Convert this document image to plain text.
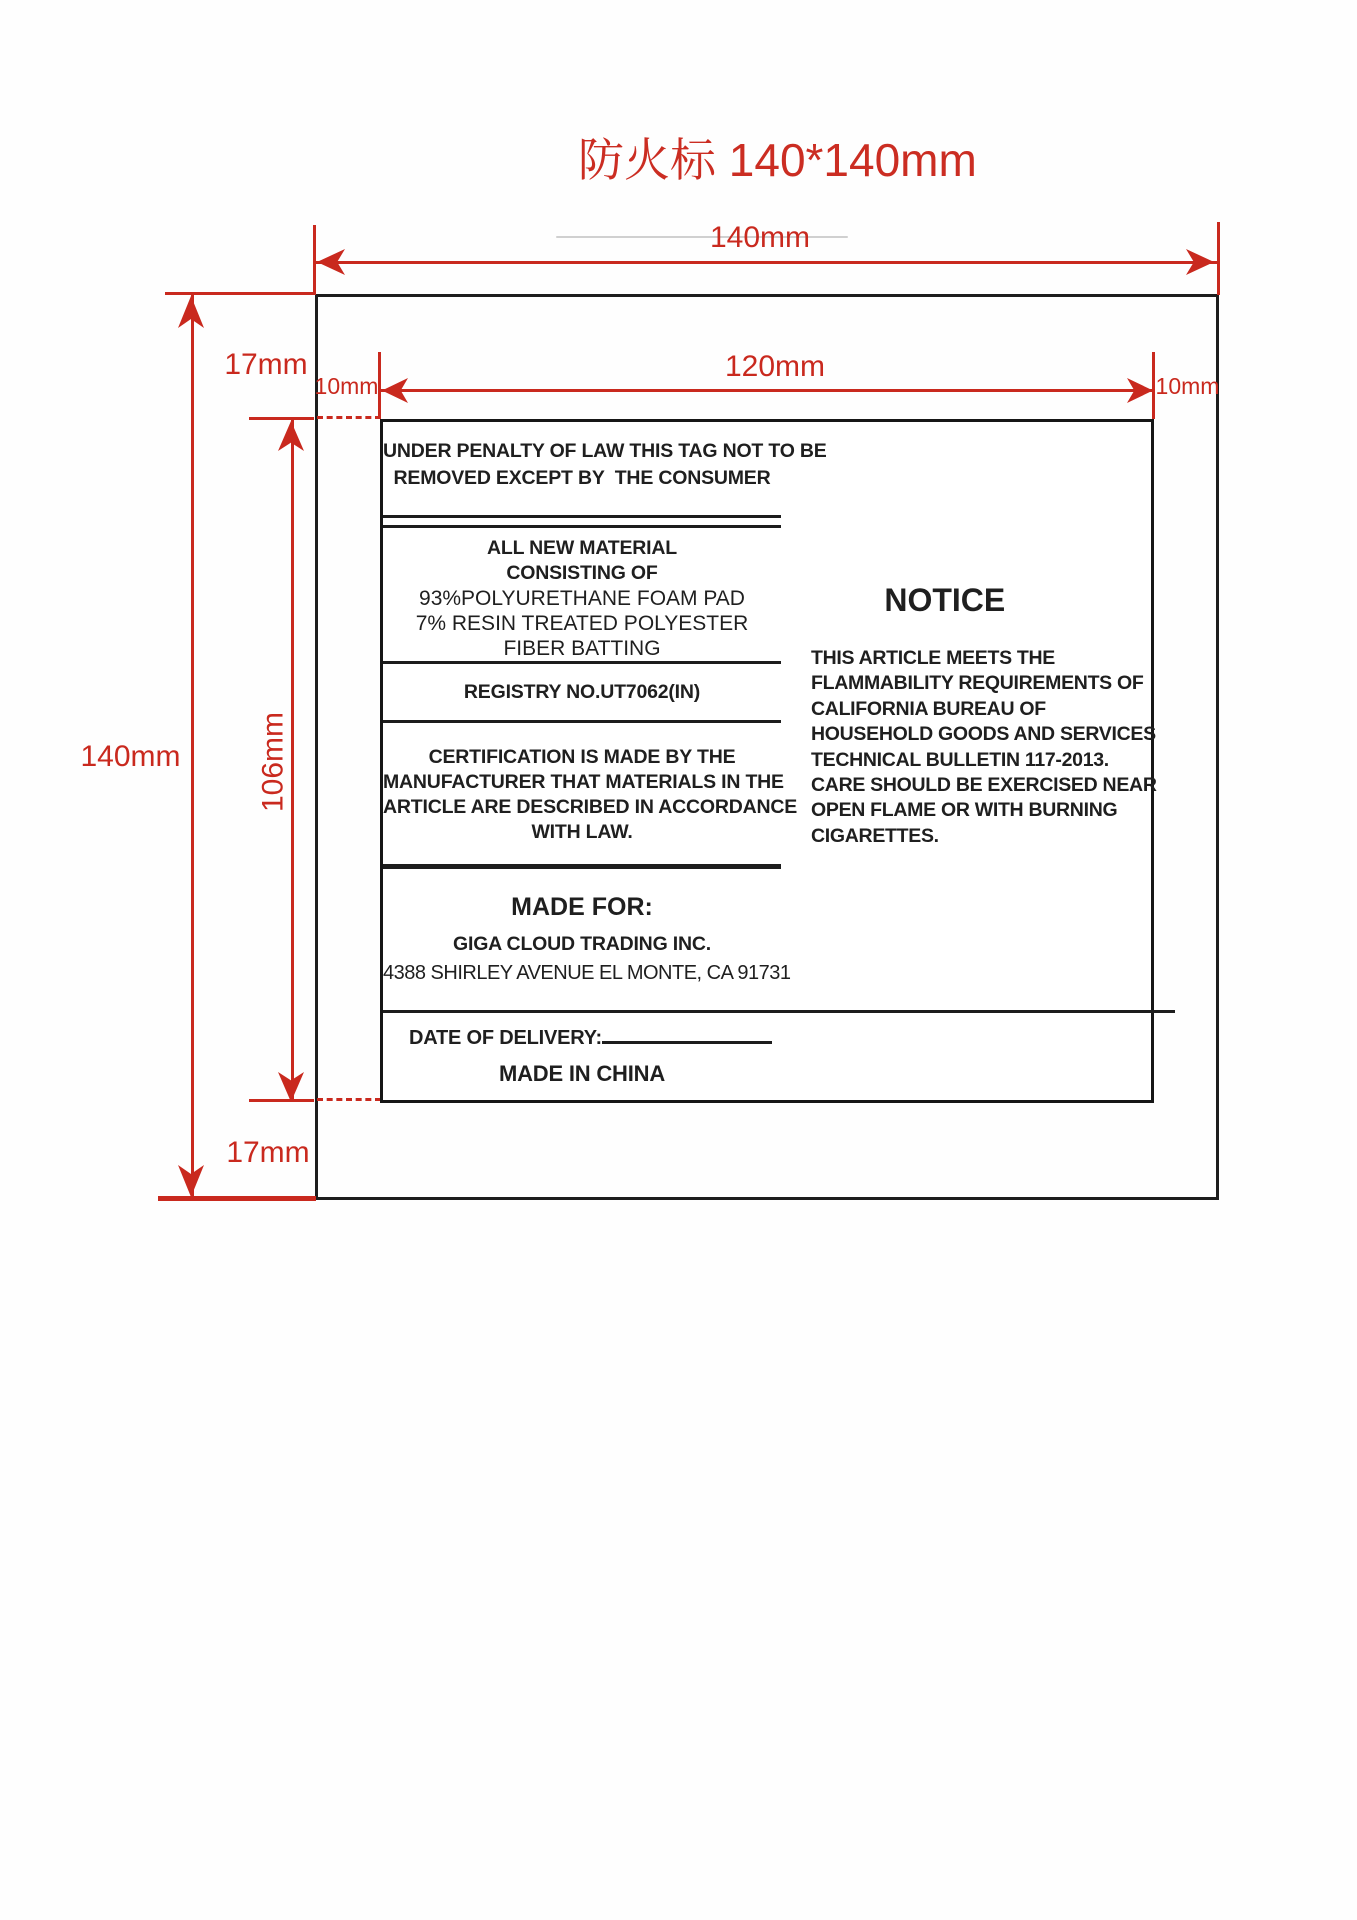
防火标 140*140mm
140mm
140mm
17mm
17mm
106mm
120mm
10mm	10mm
UNDER PENALTY OF LAW THIS TAG NOT TO BE
REMOVED EXCEPT BY  THE CONSUMER
ALL NEW MATERIAL
CONSISTING OF
93%POLYURETHANE FOAM PAD
7% RESIN TREATED POLYESTER
FIBER BATTING
REGISTRY NO.UT7062(IN)
CERTIFICATION IS MADE BY THE
MANUFACTURER THAT MATERIALS IN THE
ARTICLE ARE DESCRIBED IN ACCORDANCE
WITH LAW.
MADE FOR:
GIGA CLOUD TRADING INC.
4388 SHIRLEY AVENUE EL MONTE, CA 91731
DATE OF DELIVERY:
MADE IN CHINA
NOTICE
THIS ARTICLE MEETS THE
FLAMMABILITY REQUIREMENTS OF
CALIFORNIA BUREAU OF
HOUSEHOLD GOODS AND SERVICES
TECHNICAL BULLETIN 117-2013.
CARE SHOULD BE EXERCISED NEAR
OPEN FLAME OR WITH BURNING
CIGARETTES.
